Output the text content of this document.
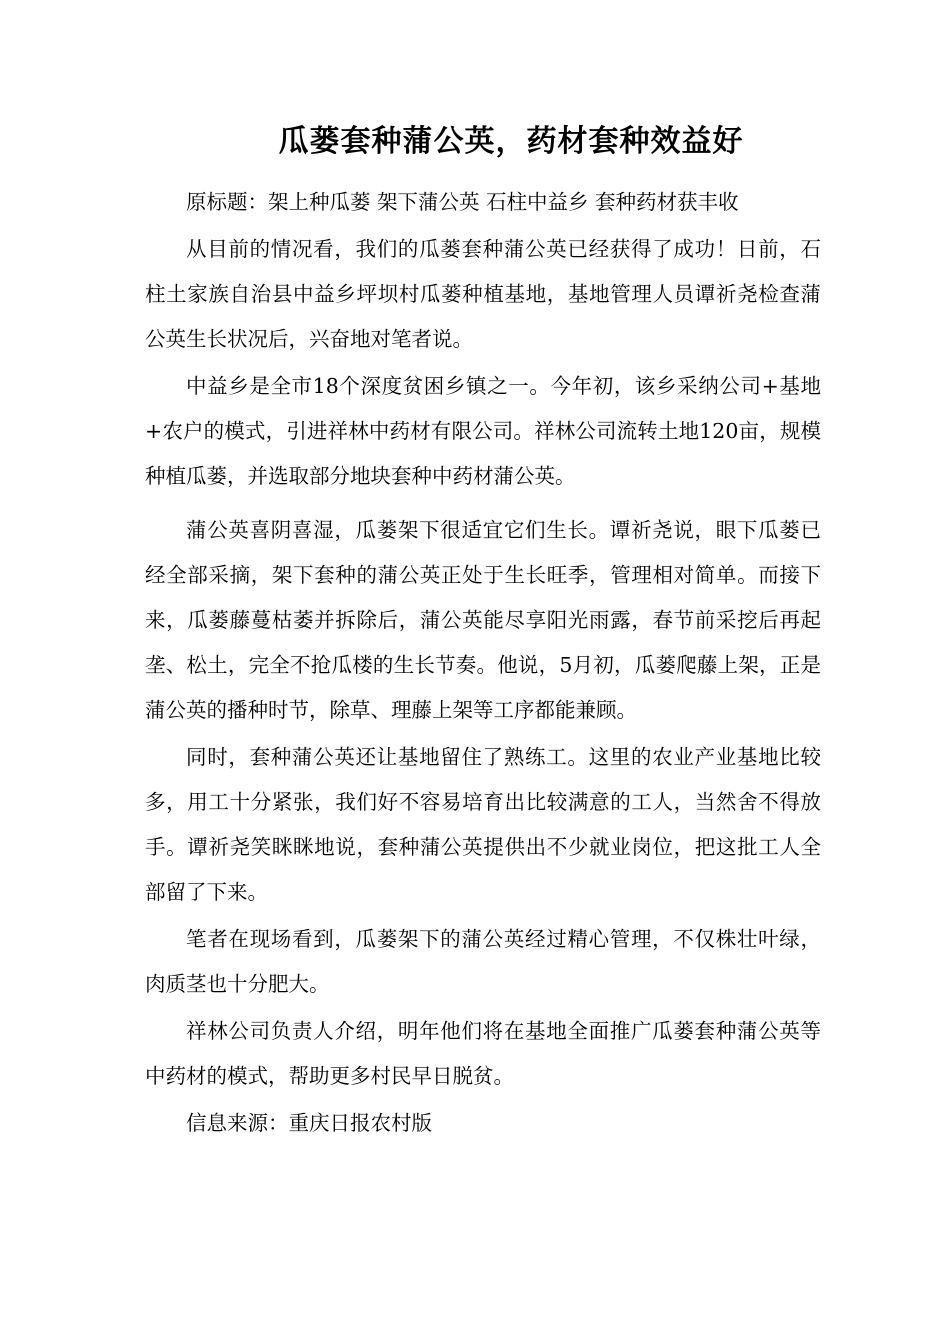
瓜蒌套种蒲公英，药材套种效益好

原标题：架上种瓜蒌 架下蒲公英 石柱中益乡 套种药材获丰收

从目前的情况看，我们的瓜蒌套种蒲公英已经获得了成功！日前，石柱土家族自治县中益乡坪坝村瓜蒌种植基地，基地管理人员谭祈尧检查蒲公英生长状况后，兴奋地对笔者说。

中益乡是全市18个深度贫困乡镇之一。今年初，该乡采纳公司+基地+农户的模式，引进祥林中药材有限公司。祥林公司流转土地120亩，规模种植瓜蒌，并选取部分地块套种中药材蒲公英。

蒲公英喜阴喜湿，瓜蒌架下很适宜它们生长。谭祈尧说，眼下瓜蒌已经全部采摘，架下套种的蒲公英正处于生长旺季，管理相对简单。而接下来，瓜蒌藤蔓枯萎并拆除后，蒲公英能尽享阳光雨露，春节前采挖后再起垄、松土，完全不抢瓜楼的生长节奏。他说，5月初，瓜蒌爬藤上架，正是蒲公英的播种时节，除草、理藤上架等工序都能兼顾。

同时，套种蒲公英还让基地留住了熟练工。这里的农业产业基地比较多，用工十分紧张，我们好不容易培育出比较满意的工人，当然舍不得放手。谭祈尧笑眯眯地说，套种蒲公英提供出不少就业岗位，把这批工人全部留了下来。

笔者在现场看到，瓜蒌架下的蒲公英经过精心管理，不仅株壮叶绿，肉质茎也十分肥大。

祥林公司负责人介绍，明年他们将在基地全面推广瓜蒌套种蒲公英等中药材的模式，帮助更多村民早日脱贫。

信息来源：重庆日报农村版
